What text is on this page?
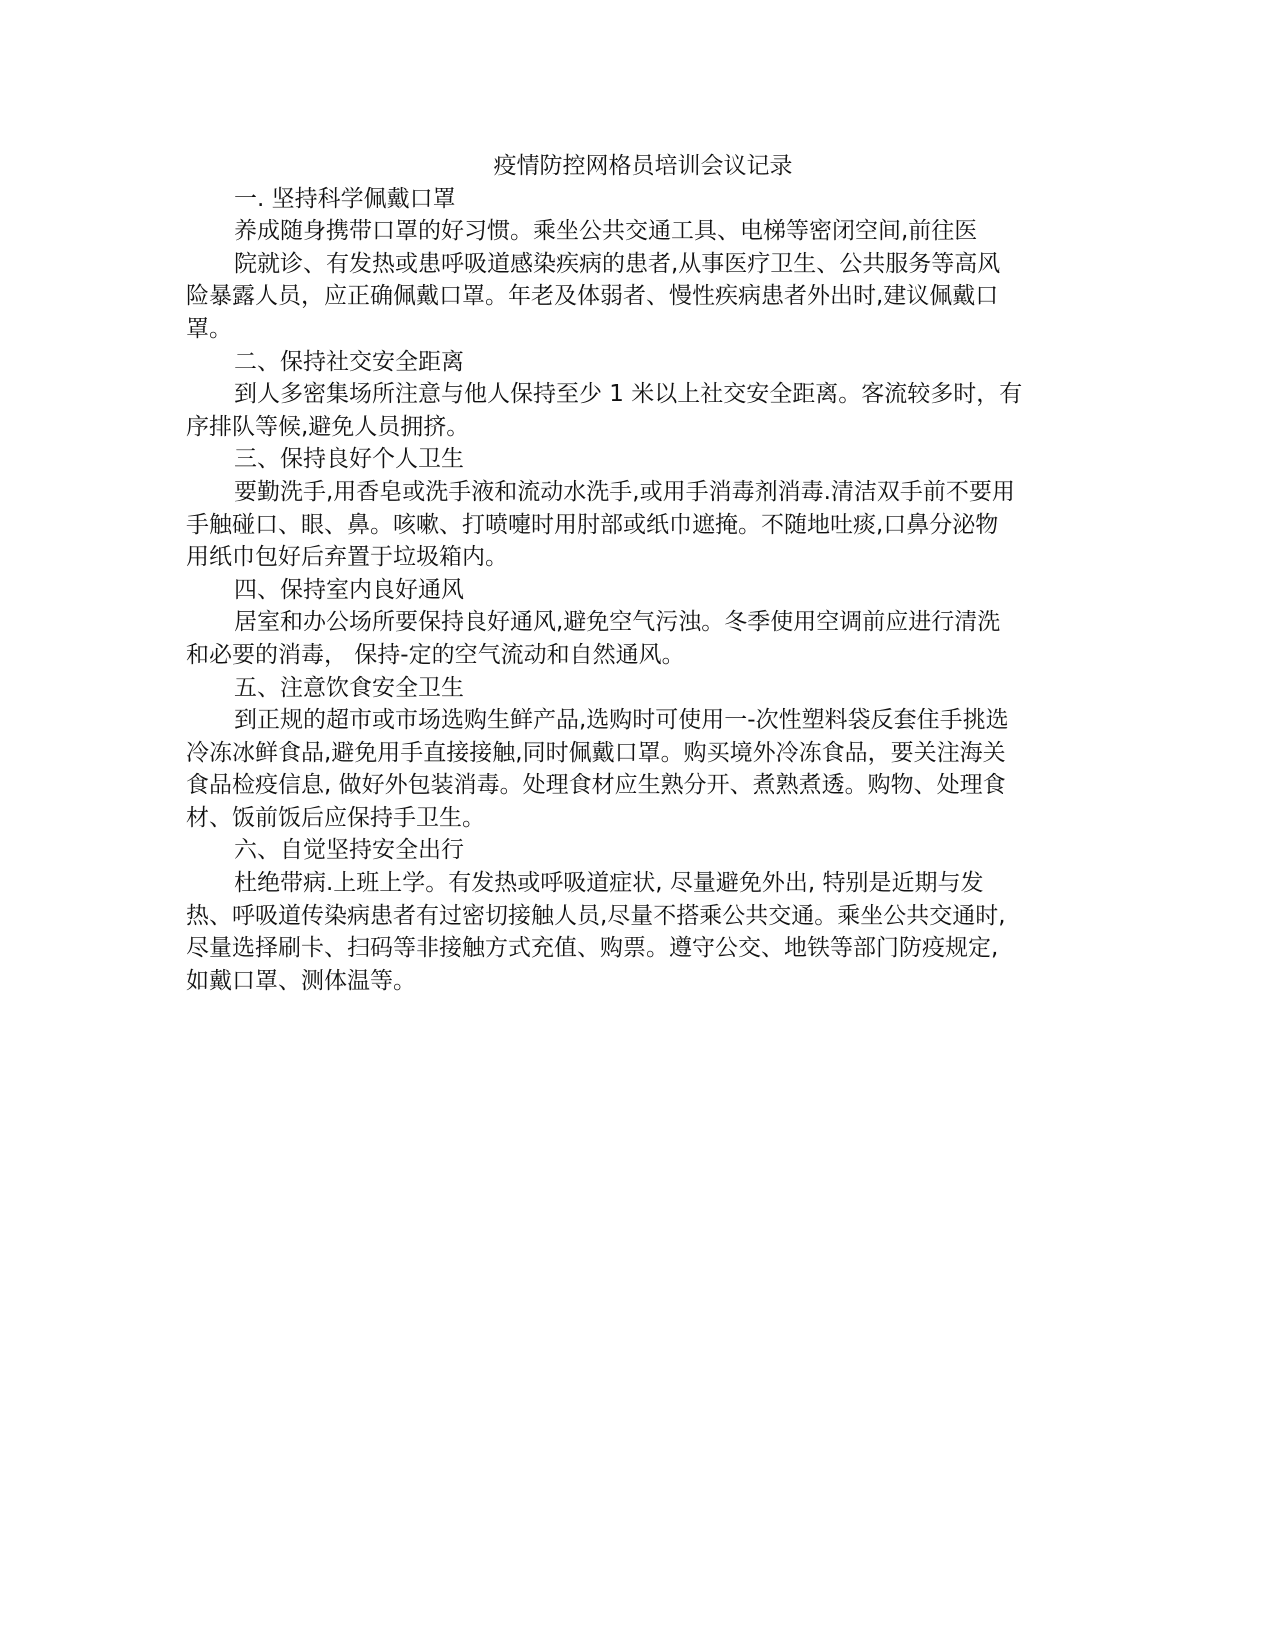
疫情防控网格员培训会议记录

一. 坚持科学佩戴口罩

养成随身携带口罩的好习惯。乘坐公共交通工具、电梯等密闭空间,前往医

院就诊、有发热或患呼吸道感染疾病的患者,从事医疗卫生、公共服务等高风

险暴露人员，应正确佩戴口罩。年老及体弱者、慢性疾病患者外出时,建议佩戴口

罩。

二、保持社交安全距离

到人多密集场所注意与他人保持至少 1 米以上社交安全距离。客流较多时，有

序排队等候,避免人员拥挤。

三、保持良好个人卫生

要勤洗手,用香皂或洗手液和流动水洗手,或用手消毒剂消毒.清洁双手前不要用

手触碰口、眼、鼻。咳嗽、打喷嚏时用肘部或纸巾遮掩。不随地吐痰,口鼻分泌物

用纸巾包好后弃置于垃圾箱内。

四、保持室内良好通风

居室和办公场所要保持良好通风,避免空气污浊。冬季使用空调前应进行清洗

和必要的消毒， 保持-定的空气流动和自然通风。

五、注意饮食安全卫生

到正规的超市或市场选购生鲜产品,选购时可使用一-次性塑料袋反套住手挑选

冷冻冰鲜食品,避免用手直接接触,同时佩戴口罩。购买境外冷冻食品，要关注海关

食品检疫信息, 做好外包装消毒。处理食材应生熟分开、煮熟煮透。购物、处理食

材、饭前饭后应保持手卫生。

六、自觉坚持安全出行

杜绝带病.上班上学。有发热或呼吸道症状, 尽量避免外出, 特别是近期与发

热、呼吸道传染病患者有过密切接触人员,尽量不搭乘公共交通。乘坐公共交通时,

尽量选择刷卡、扫码等非接触方式充值、购票。遵守公交、地铁等部门防疫规定,

如戴口罩、测体温等。
